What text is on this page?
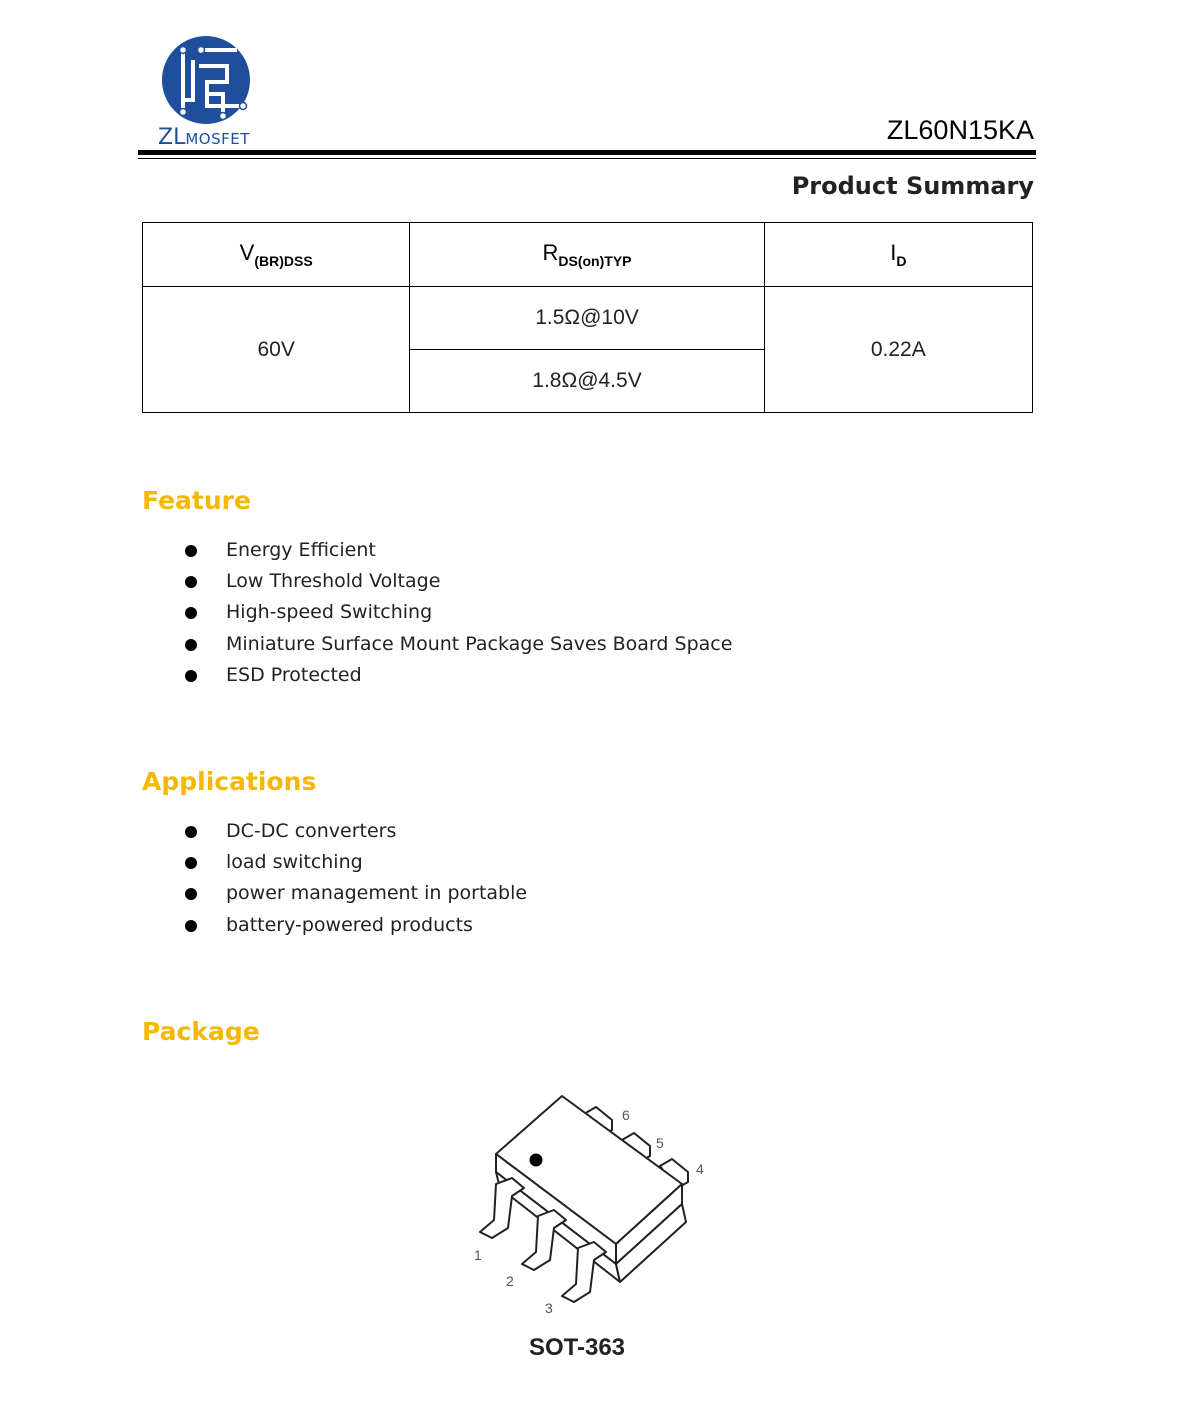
ZLMOSFET	ZL60N15KA
Product Summary
$V_{(BR)DSS}$	$R_{DS(on)TYP}$	$I_D$
60V	1.5Ω@10V	0.22A
	1.8Ω@4.5V	
Feature
Energy Efficient
Low Threshold Voltage
High-speed Switching
Miniature Surface Mount Package Saves Board Space
ESD Protected
Applications
DC-DC converters
load switching
power management in portable
battery-powered products
Package
1
2
3
4
5
6
SOT-363
